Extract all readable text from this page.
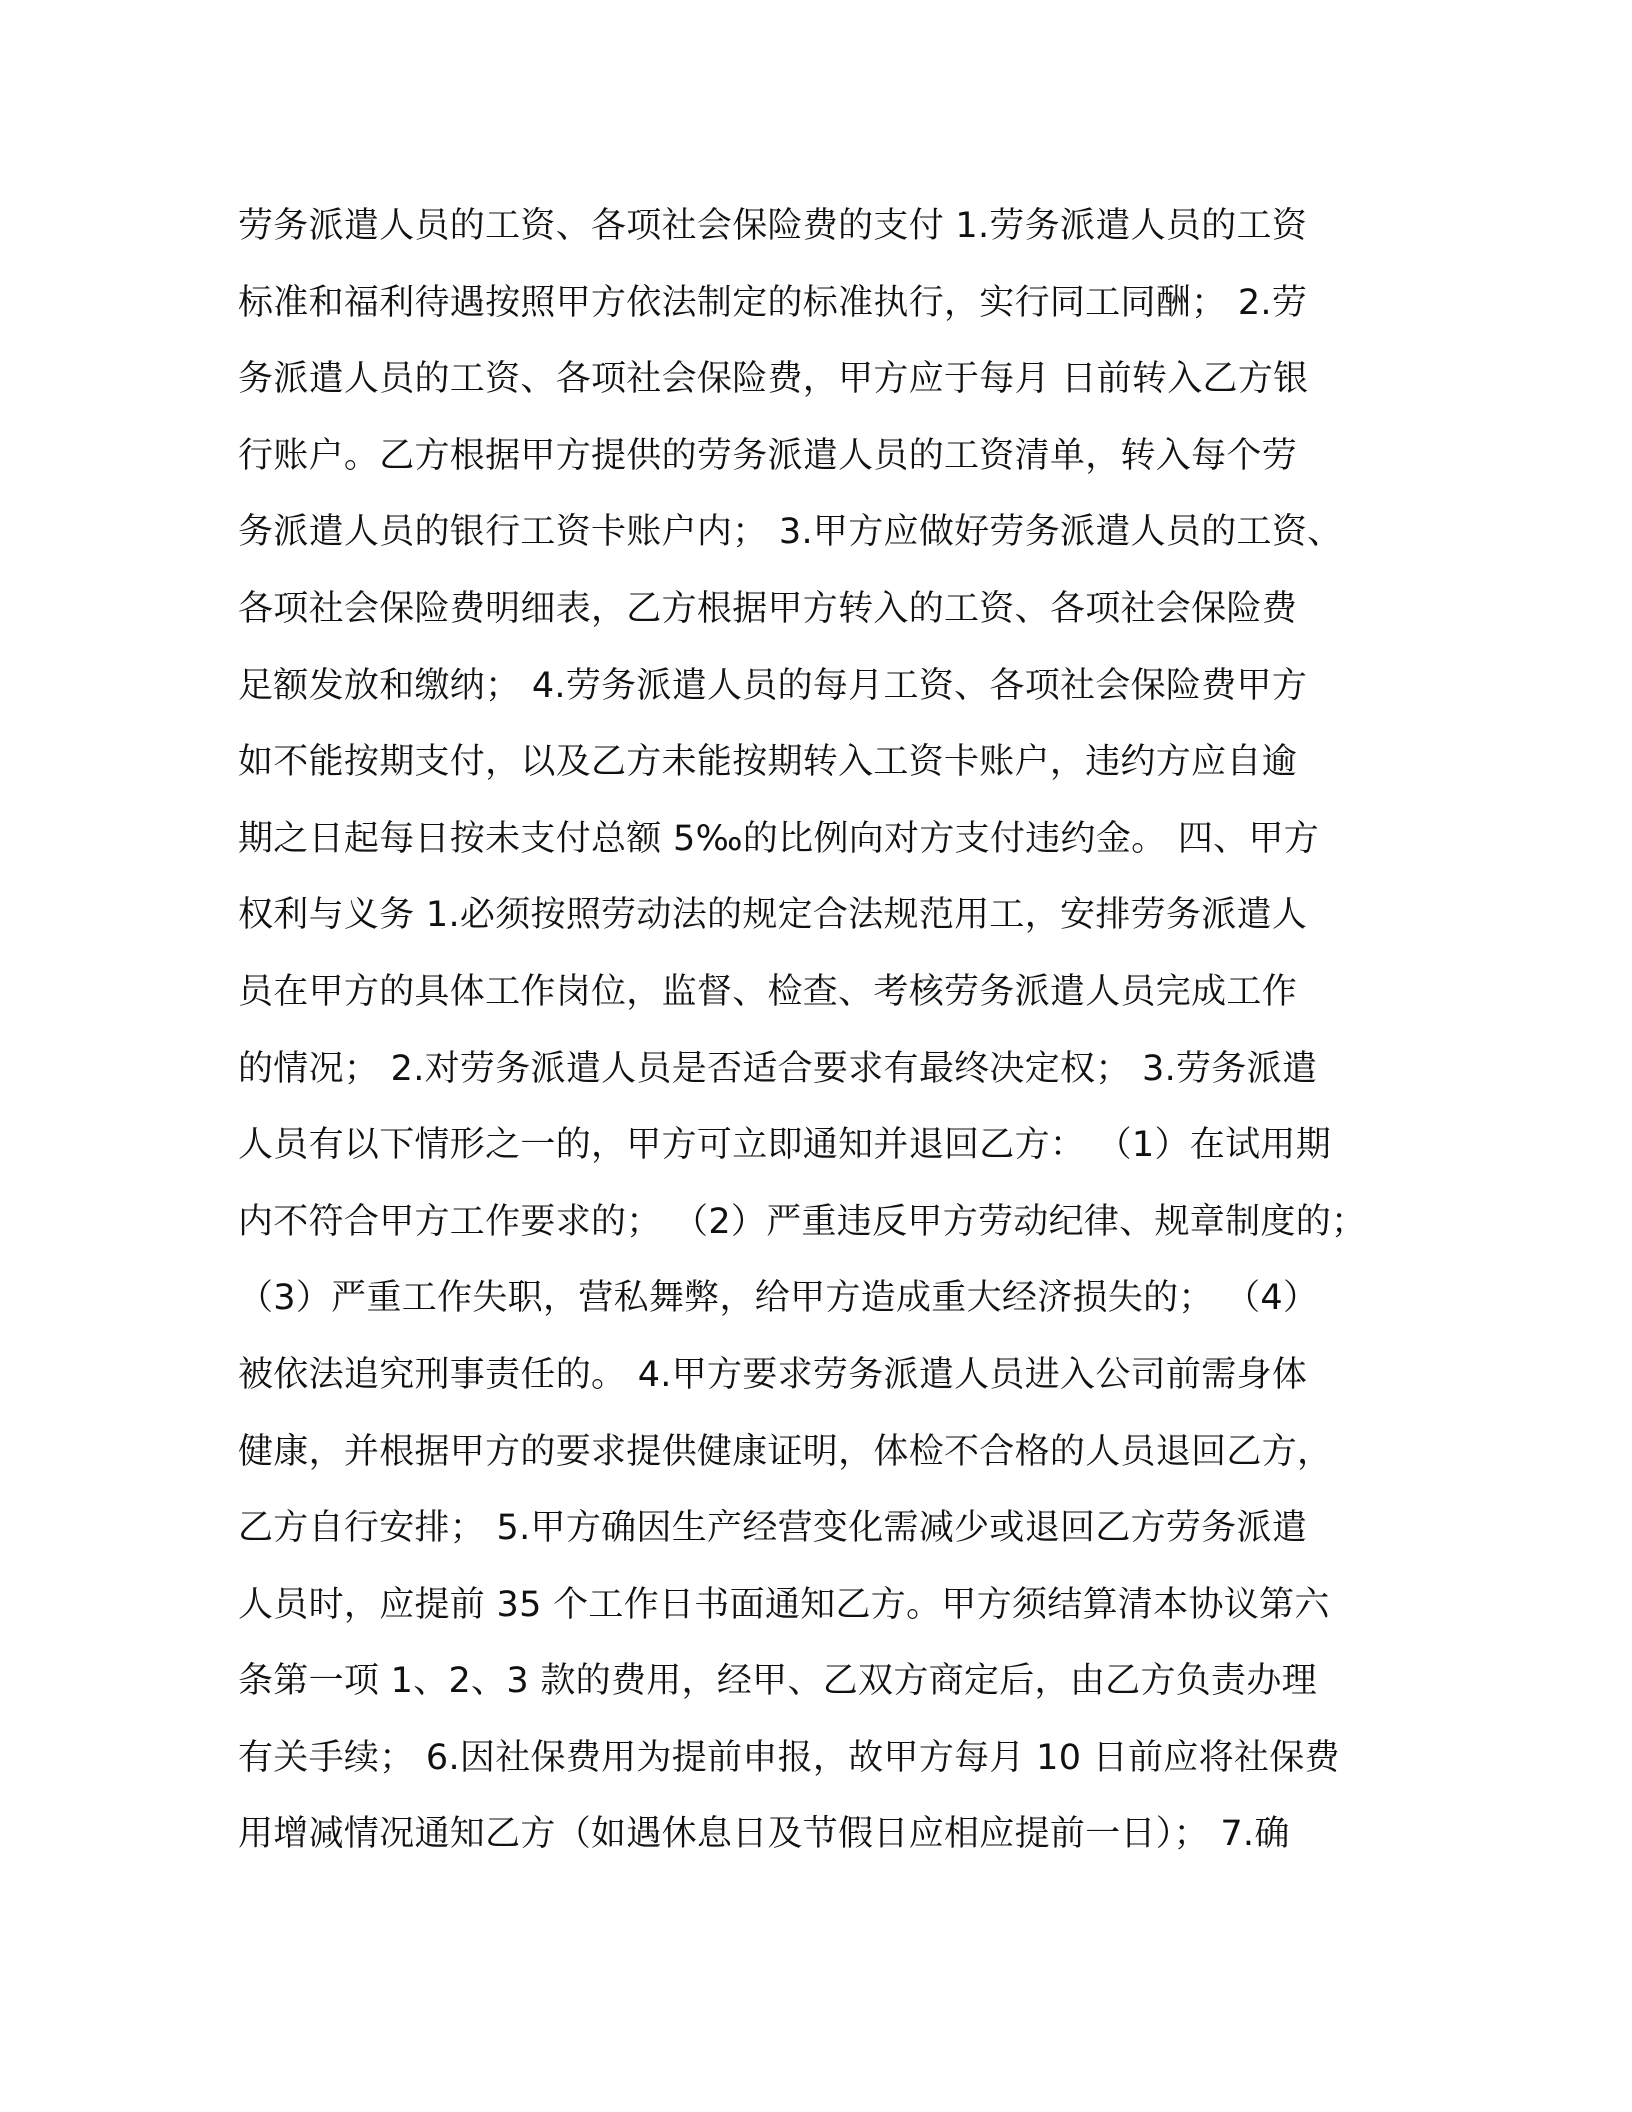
劳务派遣人员的工资、各项社会保险费的支付 1.劳务派遣人员的工资
标准和福利待遇按照甲方依法制定的标准执行，实行同工同酬； 2.劳
务派遣人员的工资、各项社会保险费，甲方应于每月 日前转入乙方银
行账户。乙方根据甲方提供的劳务派遣人员的工资清单，转入每个劳
务派遣人员的银行工资卡账户内； 3.甲方应做好劳务派遣人员的工资、
各项社会保险费明细表，乙方根据甲方转入的工资、各项社会保险费
足额发放和缴纳； 4.劳务派遣人员的每月工资、各项社会保险费甲方
如不能按期支付，以及乙方未能按期转入工资卡账户，违约方应自逾
期之日起每日按未支付总额 5‰的比例向对方支付违约金。 四、甲方
权利与义务 1.必须按照劳动法的规定合法规范用工，安排劳务派遣人
员在甲方的具体工作岗位，监督、检查、考核劳务派遣人员完成工作
的情况； 2.对劳务派遣人员是否适合要求有最终决定权； 3.劳务派遣
人员有以下情形之一的，甲方可立即通知并退回乙方： （1）在试用期
内不符合甲方工作要求的； （2）严重违反甲方劳动纪律、规章制度的；
（3）严重工作失职，营私舞弊，给甲方造成重大经济损失的； （4）
被依法追究刑事责任的。 4.甲方要求劳务派遣人员进入公司前需身体
健康，并根据甲方的要求提供健康证明，体检不合格的人员退回乙方，
乙方自行安排； 5.甲方确因生产经营变化需减少或退回乙方劳务派遣
人员时，应提前 35 个工作日书面通知乙方。甲方须结算清本协议第六
条第一项 1、2、3 款的费用，经甲、乙双方商定后，由乙方负责办理
有关手续； 6.因社保费用为提前申报，故甲方每月 10 日前应将社保费
用增减情况通知乙方（如遇休息日及节假日应相应提前一日）； 7.确
